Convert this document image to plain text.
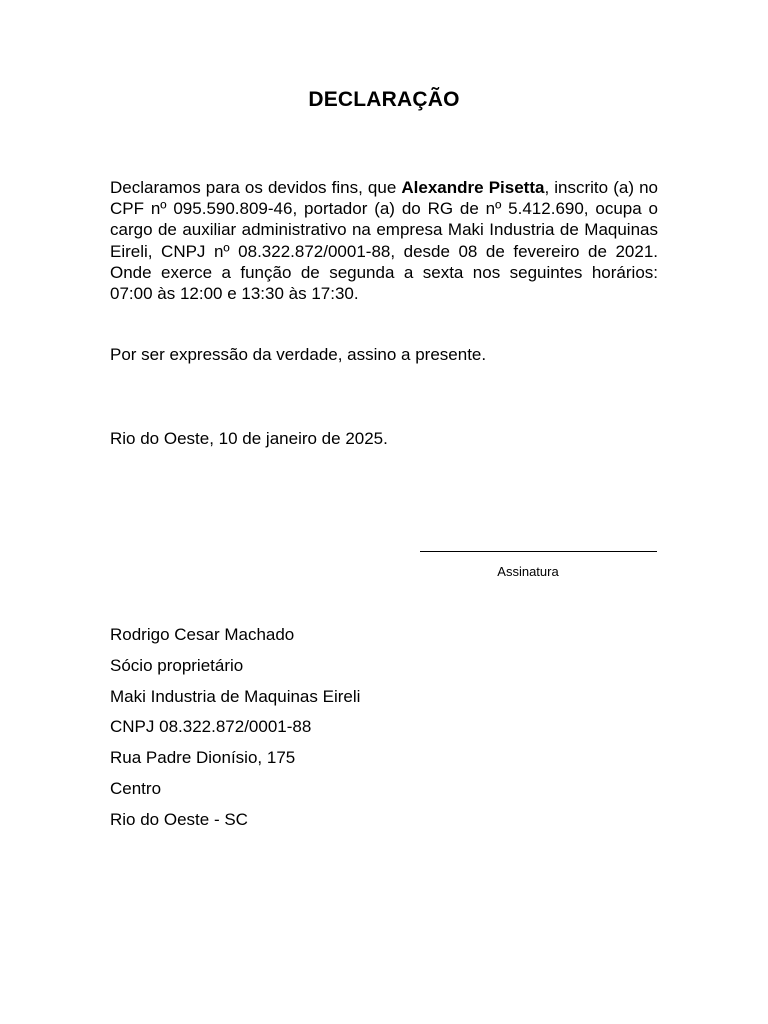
DECLARAÇÃO

Declaramos para os devidos fins, que Alexandre Pisetta, inscrito (a) no CPF nº 095.590.809-46, portador (a) do RG de nº 5.412.690, ocupa o cargo de auxiliar administrativo na empresa Maki Industria de Maquinas Eireli, CNPJ nº 08.322.872/0001-88, desde 08 de fevereiro de 2021. Onde exerce a função de segunda a sexta nos seguintes horários: 07:00 às 12:00 e 13:30 às 17:30.

Por ser expressão da verdade, assino a presente.
Rio do Oeste, 10 de janeiro de 2025.
Assinatura
Rodrigo Cesar Machado
Sócio proprietário
Maki Industria de Maquinas Eireli
CNPJ 08.322.872/0001-88
Rua Padre Dionísio, 175
Centro
Rio do Oeste - SC
